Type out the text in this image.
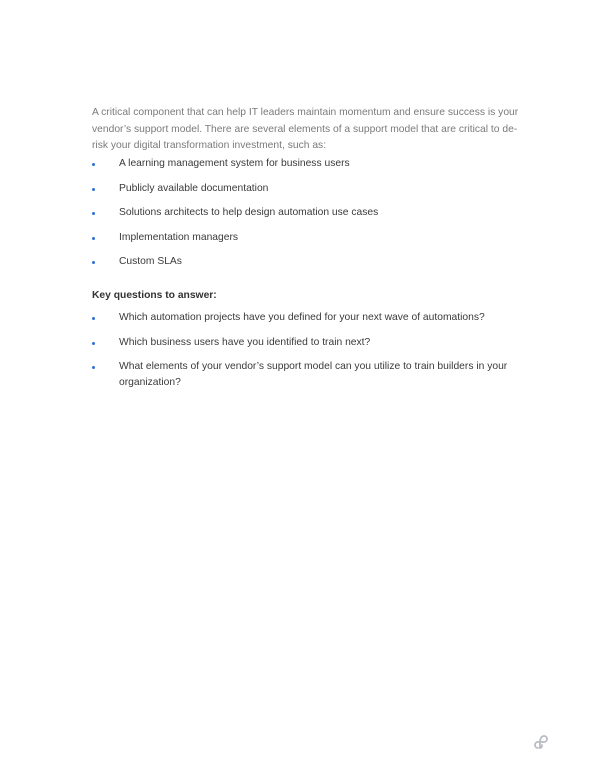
A critical component that can help IT leaders maintain momentum and ensure success is your vendor’s support model. There are several elements of a support model that are critical to de-risk your digital transformation investment, such as:

A learning management system for business users
Publicly available documentation
Solutions architects to help design automation use cases
Implementation managers
Custom SLAs

Key questions to answer:

Which automation projects have you defined for your next wave of automations?
Which business users have you identified to train next?
What elements of your vendor’s support model can you utilize to train builders in your organization?
